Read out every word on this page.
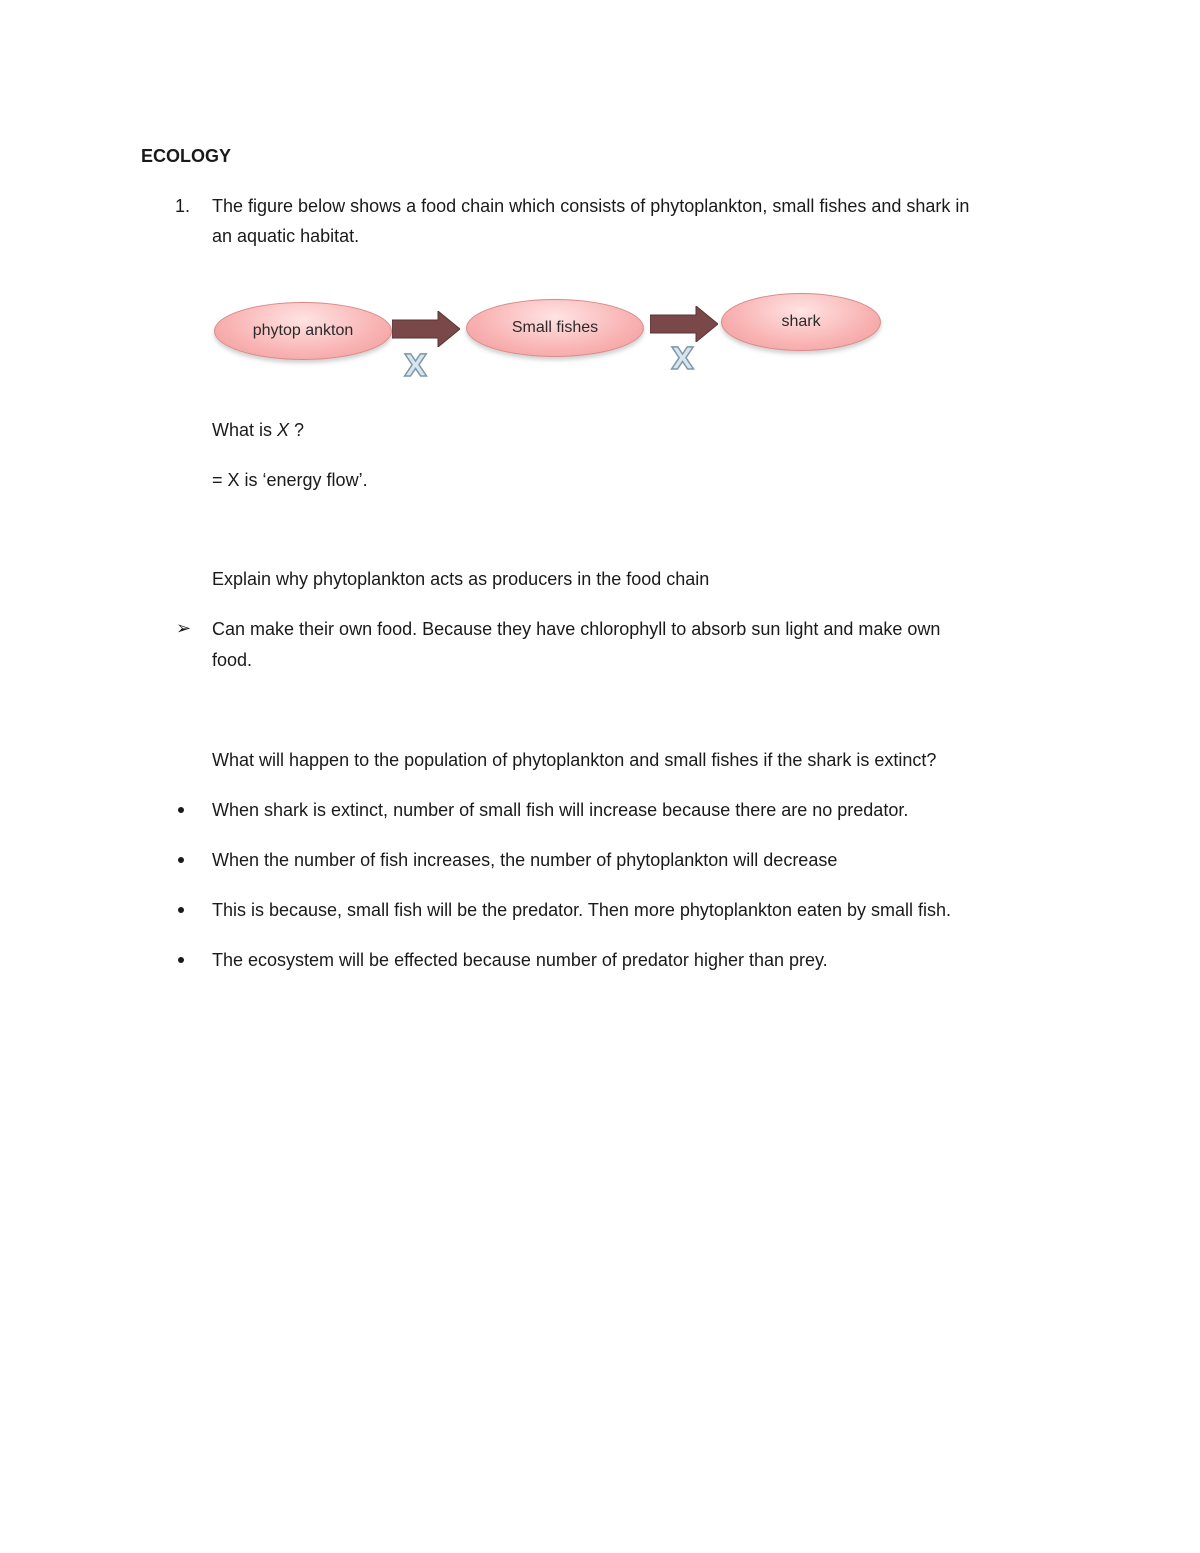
ECOLOGY
1. The figure below shows a food chain which consists of phytoplankton, small fishes and shark in
an aquatic habitat.
phytop ankton
X
Small fishes
X
shark
What is X ?
= X is ‘energy flow’.
Explain why phytoplankton acts as producers in the food chain
➢ Can make their own food. Because they have chlorophyll to absorb sun light and make own
food.
What will happen to the population of phytoplankton and small fishes if the shark is extinct?
When shark is extinct, number of small fish will increase because there are no predator.
When the number of fish increases, the number of phytoplankton will decrease
This is because, small fish will be the predator. Then more phytoplankton eaten by small fish.
The ecosystem will be effected because number of predator higher than prey.
